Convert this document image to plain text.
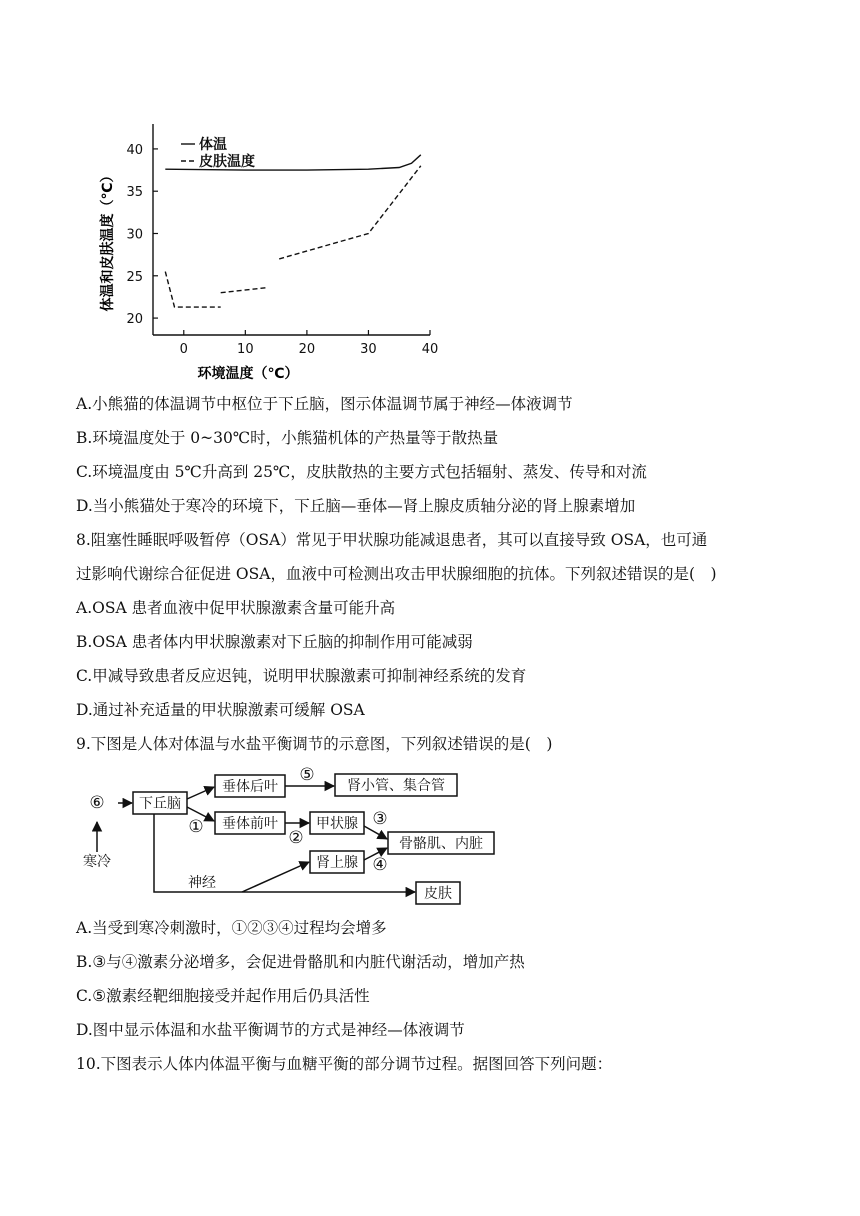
0	10	20	30	40
20
25
30
35
40	体温
皮肤温度
环境温度（℃）
体温和皮肤温度（℃）
A.小熊猫的体温调节中枢位于下丘脑，图示体温调节属于神经—体液调节
B.环境温度处于 0~30℃时，小熊猫机体的产热量等于散热量
C.环境温度由 5℃升高到 25℃，皮肤散热的主要方式包括辐射、蒸发、传导和对流
D.当小熊猫处于寒冷的环境下，下丘脑—垂体—肾上腺皮质轴分泌的肾上腺素增加
8.阻塞性睡眠呼吸暂停（OSA）常见于甲状腺功能减退患者，其可以直接导致 OSA，也可通
过影响代谢综合征促进 OSA，血液中可检测出攻击甲状腺细胞的抗体。下列叙述错误的是(　)
A.OSA 患者血液中促甲状腺激素含量可能升高
B.OSA 患者体内甲状腺激素对下丘脑的抑制作用可能减弱
C.甲减导致患者反应迟钝，说明甲状腺激素可抑制神经系统的发育
D.通过补充适量的甲状腺激素可缓解 OSA
9.下图是人体对体温与水盐平衡调节的示意图，下列叙述错误的是(　)
下丘脑
垂体后叶
垂体前叶	甲状腺
肾上腺
肾小管、集合管
骨骼肌、内脏
皮肤
寒冷
神经
⑥
⑤
①
②
③
④
A.当受到寒冷刺激时，①②③④过程均会增多
B.③与④激素分泌增多，会促进骨骼肌和内脏代谢活动，增加产热
C.⑤激素经靶细胞接受并起作用后仍具活性
D.图中显示体温和水盐平衡调节的方式是神经—体液调节
10.下图表示人体内体温平衡与血糖平衡的部分调节过程。据图回答下列问题：
